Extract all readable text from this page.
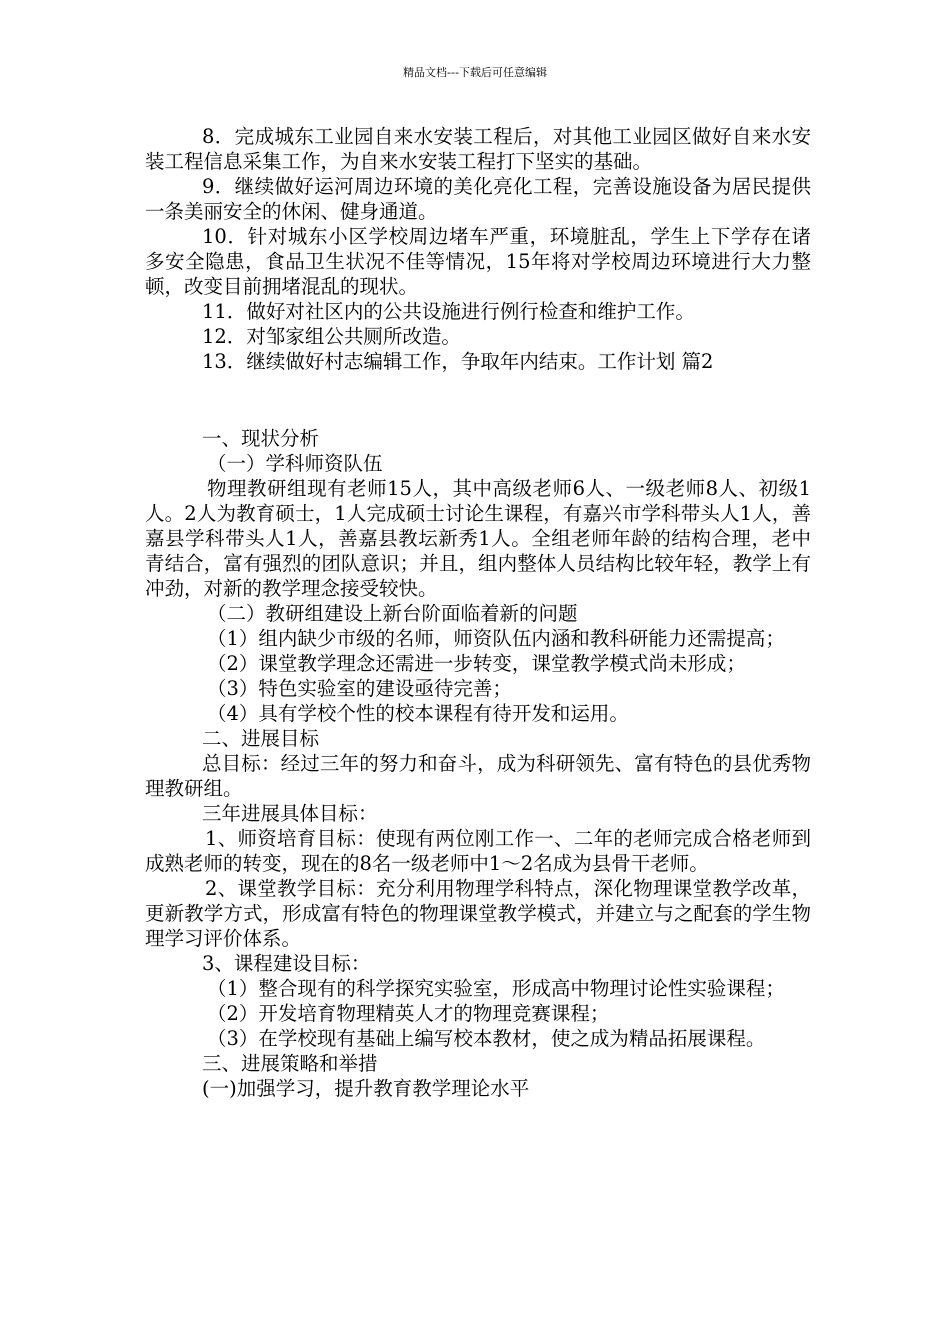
精品文档---下载后可任意编辑

8．完成城东工业园自来水安装工程后，对其他工业园区做好自来水安装工程信息采集工作，为自来水安装工程打下坚实的基础。

9．继续做好运河周边环境的美化亮化工程，完善设施设备为居民提供一条美丽安全的休闲、健身通道。

10．针对城东小区学校周边堵车严重，环境脏乱，学生上下学存在诸多安全隐患，食品卫生状况不佳等情况，15年将对学校周边环境进行大力整顿，改变目前拥堵混乱的现状。

11．做好对社区内的公共设施进行例行检查和维护工作。

12．对邹家组公共厕所改造。

13．继续做好村志编辑工作，争取年内结束。工作计划 篇2

一、现状分析

（一）学科师资队伍

物理教研组现有老师15人，其中高级老师6人、一级老师8人、初级1人。2人为教育硕士，1人完成硕士讨论生课程，有嘉兴市学科带头人1人，善嘉县学科带头人1人，善嘉县教坛新秀1人。全组老师年龄的结构合理，老中青结合，富有强烈的团队意识；并且，组内整体人员结构比较年轻，教学上有冲劲，对新的教学理念接受较快。

（二）教研组建设上新台阶面临着新的问题

（1）组内缺少市级的名师，师资队伍内涵和教科研能力还需提高；

（2）课堂教学理念还需进一步转变，课堂教学模式尚未形成；

（3）特色实验室的建设亟待完善；

（4）具有学校个性的校本课程有待开发和运用。

二、进展目标

总目标：经过三年的努力和奋斗，成为科研领先、富有特色的县优秀物理教研组。

三年进展具体目标：

1、师资培育目标：使现有两位刚工作一、二年的老师完成合格老师到成熟老师的转变，现在的8名一级老师中1～2名成为县骨干老师。

2、课堂教学目标：充分利用物理学科特点，深化物理课堂教学改革，更新教学方式，形成富有特色的物理课堂教学模式，并建立与之配套的学生物理学习评价体系。

3、课程建设目标：

（1）整合现有的科学探究实验室，形成高中物理讨论性实验课程；

（2）开发培育物理精英人才的物理竞赛课程；

（3）在学校现有基础上编写校本教材，使之成为精品拓展课程。

三、进展策略和举措

(一)加强学习，提升教育教学理论水平
